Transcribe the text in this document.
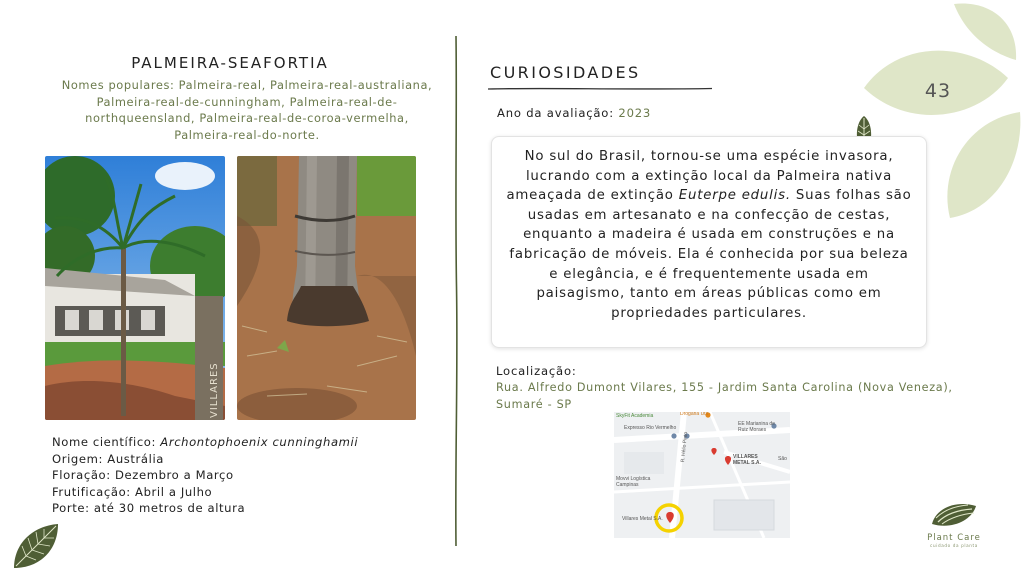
43
PALMEIRA-SEAFORTIA
Nomes populares: Palmeira-real, Palmeira-real-australiana, Palmeira-real-de-cunningham, Palmeira-real-de-northqueensland, Palmeira-real-de-coroa-vermelha, Palmeira-real-do-norte.
VILLARES
Nome científico: Archontophoenix cunninghamii
Origem: Austrália
Floração: Dezembro a Março
Frutificação: Abril a Julho
Porte: até 30 metros de altura
CURIOSIDADES
Ano da avaliação: 2023
No sul do Brasil, tornou-se uma espécie invasora, lucrando com a extinção local da Palmeira nativa ameaçada de extinção Euterpe edulis. Suas folhas são usadas em artesanato e na confecção de cestas, enquanto a madeira é usada em construções e na fabricação de móveis. Ela é conhecida por sua beleza e elegância, e é frequentemente usada em paisagismo, tanto em áreas públicas como em propriedades particulares.
Localização:
Rua. Alfredo Dumont Vilares, 155 - Jardim Santa Carolina (Nova Veneza), Sumaré - SP
SkyFit Academia	Drogaria Uta
Expresso Rio Vermelho
EE Marianina de
Ruiz Moraes
R. Hélio Pinto	VILLARES
METAL S.A.
São
Movvi Logística
Campinas
Villares Metal S.A.
Plant Care
cuidado da planta
